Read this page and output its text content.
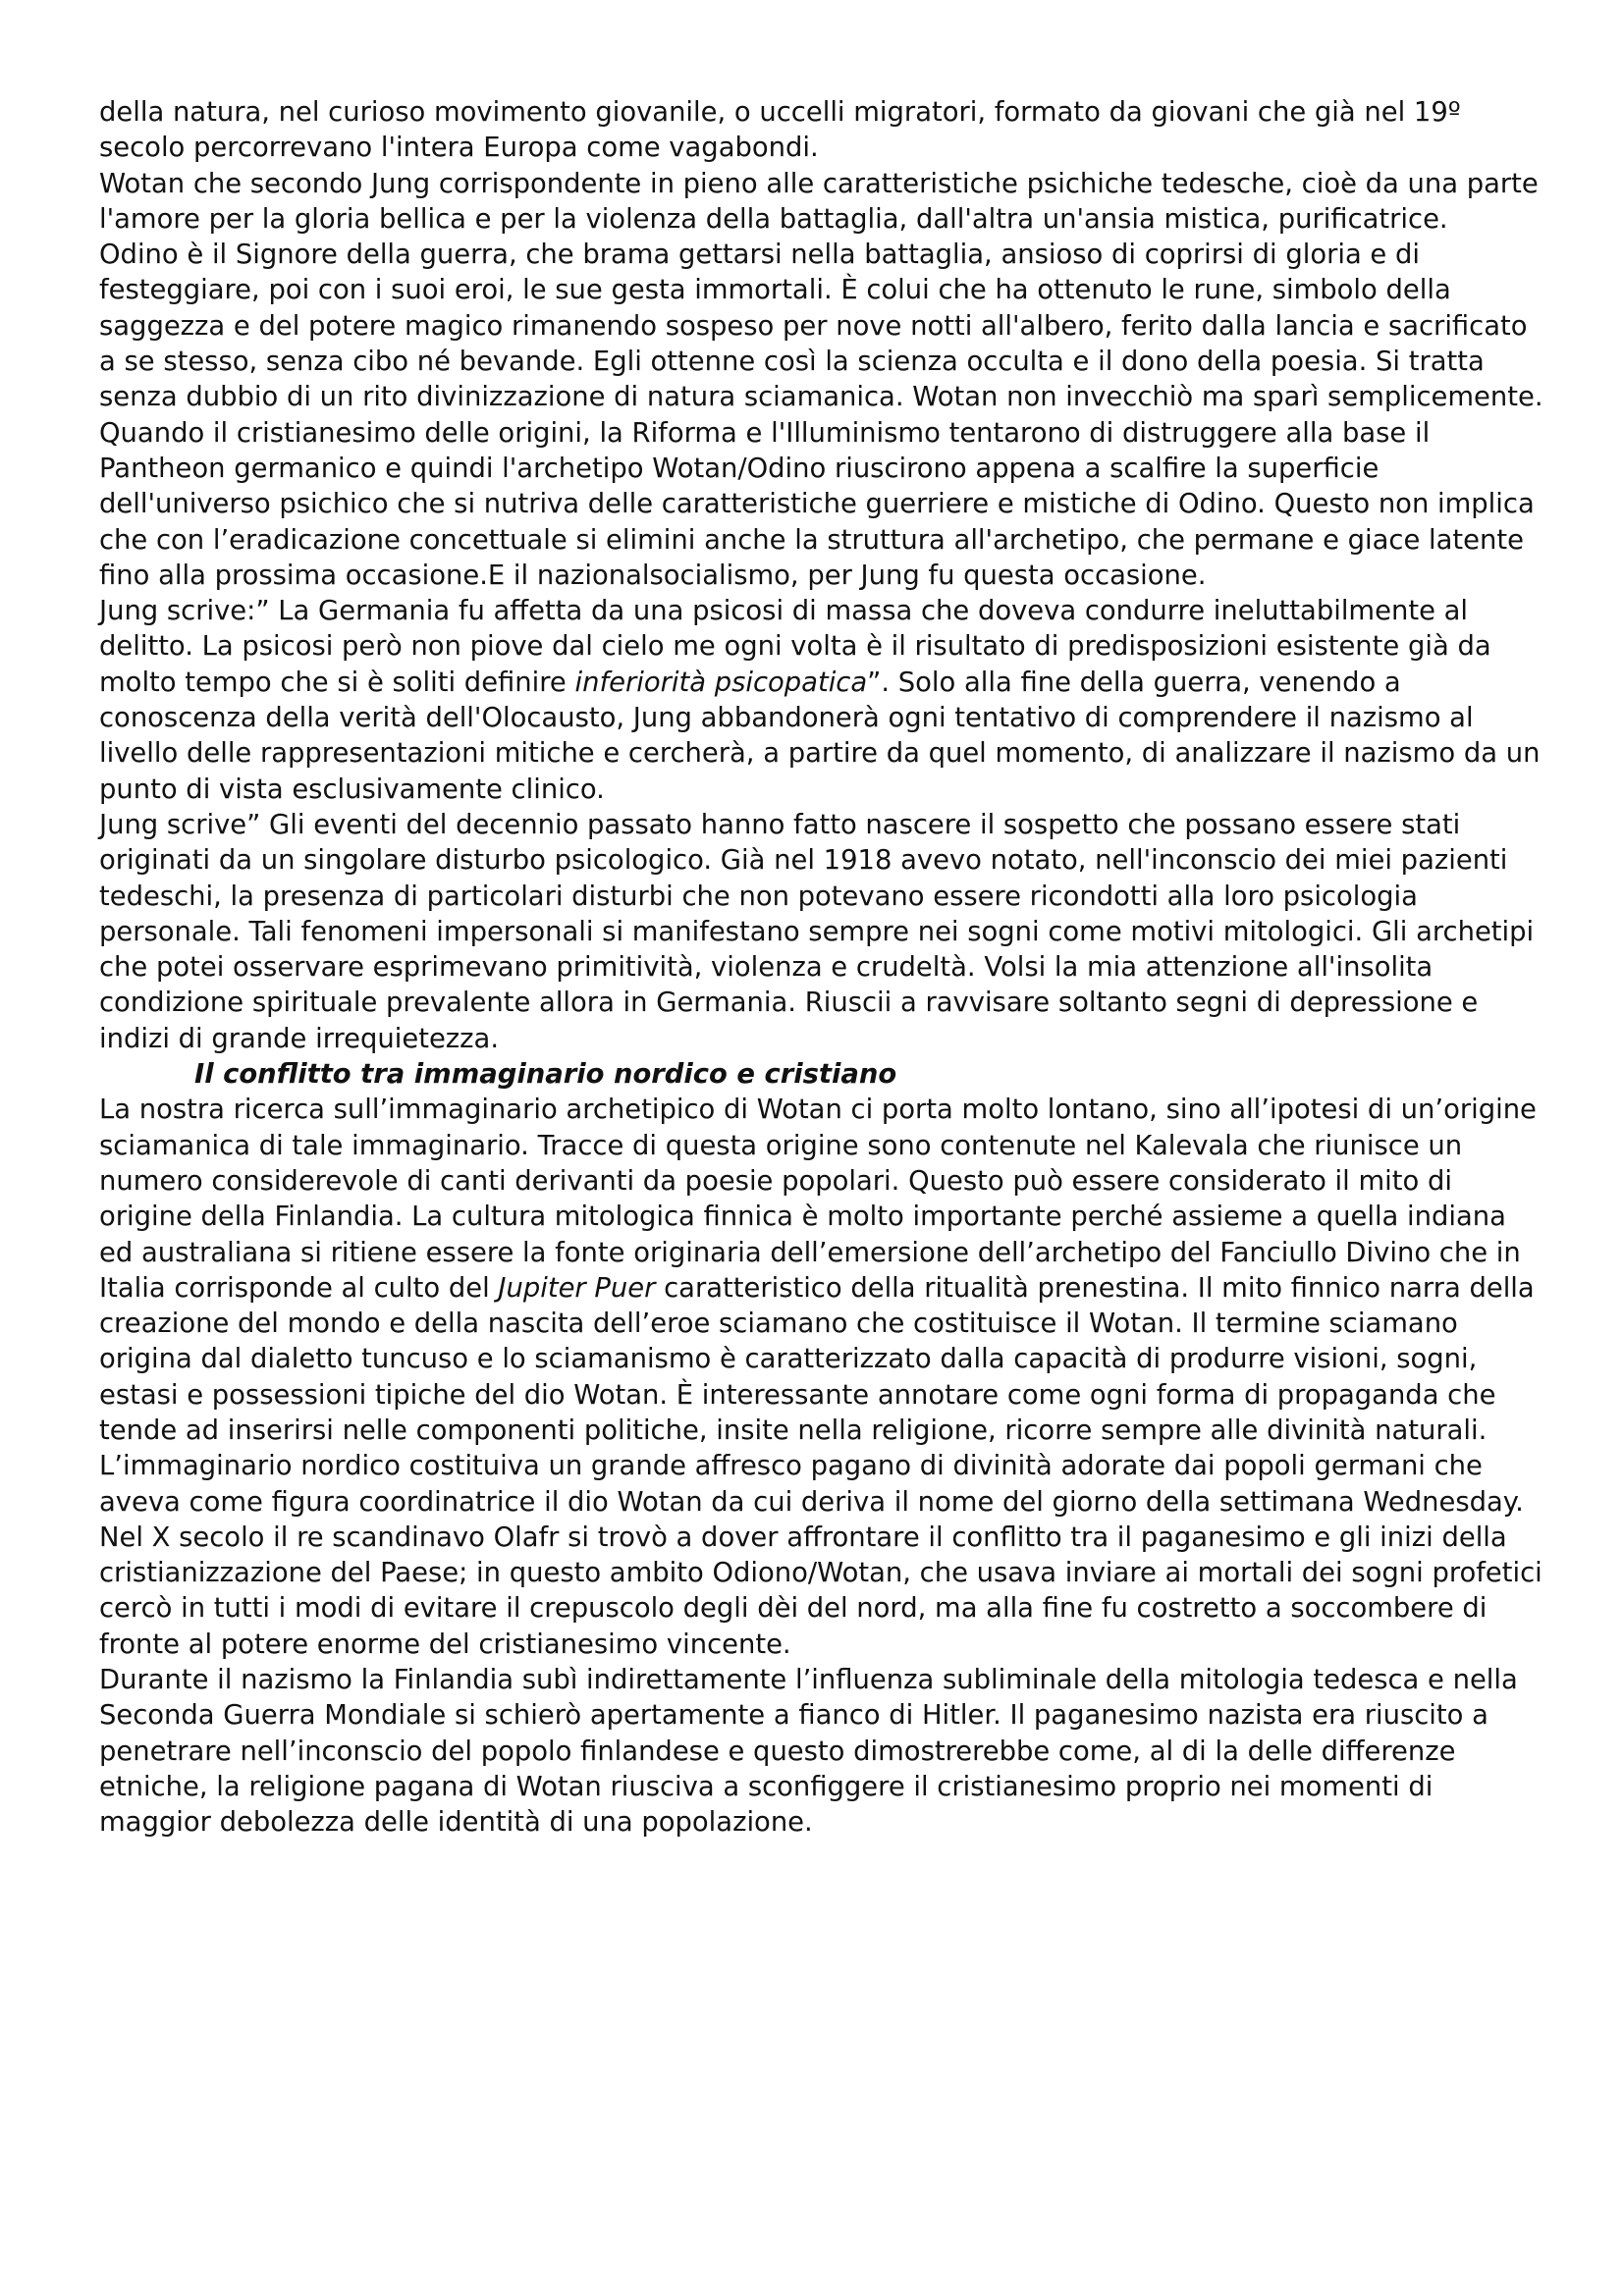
della natura, nel curioso movimento giovanile, o uccelli migratori, formato da giovani che già nel 19º secolo percorrevano l'intera Europa come vagabondi.

Wotan che secondo Jung corrispondente in pieno alle caratteristiche psichiche tedesche, cioè da una parte l'amore per la gloria bellica e per la violenza della battaglia, dall'altra un'ansia mistica, purificatrice.

Odino è il Signore della guerra, che brama gettarsi nella battaglia, ansioso di coprirsi di gloria e di festeggiare, poi con i suoi eroi, le sue gesta immortali. È colui che ha ottenuto le rune, simbolo della saggezza e del potere magico rimanendo sospeso per nove notti all'albero, ferito dalla lancia e sacrificato a se stesso, senza cibo né bevande. Egli ottenne così la scienza occulta e il dono della poesia. Si tratta senza dubbio di un rito divinizzazione di natura sciamanica. Wotan non invecchiò ma sparì semplicemente.

Quando il cristianesimo delle origini, la Riforma e l'Illuminismo tentarono di distruggere alla base il Pantheon germanico e quindi l'archetipo Wotan/Odino riuscirono appena a scalfire la superficie dell'universo psichico che si nutriva delle caratteristiche guerriere e mistiche di Odino. Questo non implica che con l’eradicazione concettuale si elimini anche la struttura all'archetipo, che permane e giace latente fino alla prossima occasione.E il nazionalsocialismo, per Jung fu questa occasione.

Jung scrive:” La Germania fu affetta da una psicosi di massa che doveva condurre ineluttabilmente al delitto. La psicosi però non piove dal cielo me ogni volta è il risultato di predisposizioni esistente già da molto tempo che si è soliti definire inferiorità psicopatica”. Solo alla fine della guerra, venendo a conoscenza della verità dell'Olocausto, Jung abbandonerà ogni tentativo di comprendere il nazismo al livello delle rappresentazioni mitiche e cercherà, a partire da quel momento, di analizzare il nazismo da un punto di vista esclusivamente clinico.

Jung scrive” Gli eventi del decennio passato hanno fatto nascere il sospetto che possano essere stati originati da un singolare disturbo psicologico. Già nel 1918 avevo notato, nell'inconscio dei miei pazienti tedeschi, la presenza di particolari disturbi che non potevano essere ricondotti alla loro psicologia personale. Tali fenomeni impersonali si manifestano sempre nei sogni come motivi mitologici. Gli archetipi che potei osservare esprimevano primitività, violenza e crudeltà. Volsi la mia attenzione all'insolita condizione spirituale prevalente allora in Germania. Riuscii a ravvisare soltanto segni di depressione e indizi di grande irrequietezza.

Il conflitto tra immaginario nordico e cristiano

La nostra ricerca sull’immaginario archetipico di Wotan ci porta molto lontano, sino all’ipotesi di un’origine sciamanica di tale immaginario. Tracce di questa origine sono contenute nel Kalevala che riunisce un numero considerevole di canti derivanti da poesie popolari. Questo può essere considerato il mito di origine della Finlandia. La cultura mitologica finnica è molto importante perché assieme a quella indiana ed australiana si ritiene essere la fonte originaria dell’emersione dell’archetipo del Fanciullo Divino che in Italia corrisponde al culto del Jupiter Puer caratteristico della ritualità prenestina. Il mito finnico narra della creazione del mondo e della nascita dell’eroe sciamano che costituisce il Wotan. Il termine sciamano origina dal dialetto tuncuso e lo sciamanismo è caratterizzato dalla capacità di produrre visioni, sogni, estasi e possessioni tipiche del dio Wotan. È interessante annotare come ogni forma di propaganda che tende ad inserirsi nelle componenti politiche, insite nella religione, ricorre sempre alle divinità naturali.

L’immaginario nordico costituiva un grande affresco pagano di divinità adorate dai popoli germani che aveva come figura coordinatrice il dio Wotan da cui deriva il nome del giorno della settimana Wednesday. Nel X secolo il re scandinavo Olafr si trovò a dover affrontare il conflitto tra il paganesimo e gli inizi della cristianizzazione del Paese; in questo ambito Odiono/Wotan, che usava inviare ai mortali dei sogni profetici cercò in tutti i modi di evitare il crepuscolo degli dèi del nord, ma alla fine fu costretto a soccombere di fronte al potere enorme del cristianesimo vincente.

Durante il nazismo la Finlandia subì indirettamente l’influenza subliminale della mitologia tedesca e nella Seconda Guerra Mondiale si schierò apertamente a fianco di Hitler. Il paganesimo nazista era riuscito a penetrare nell’inconscio del popolo finlandese e questo dimostrerebbe come, al di la delle differenze etniche, la religione pagana di Wotan riusciva a sconfiggere il cristianesimo proprio nei momenti di maggior debolezza delle identità di una popolazione.
